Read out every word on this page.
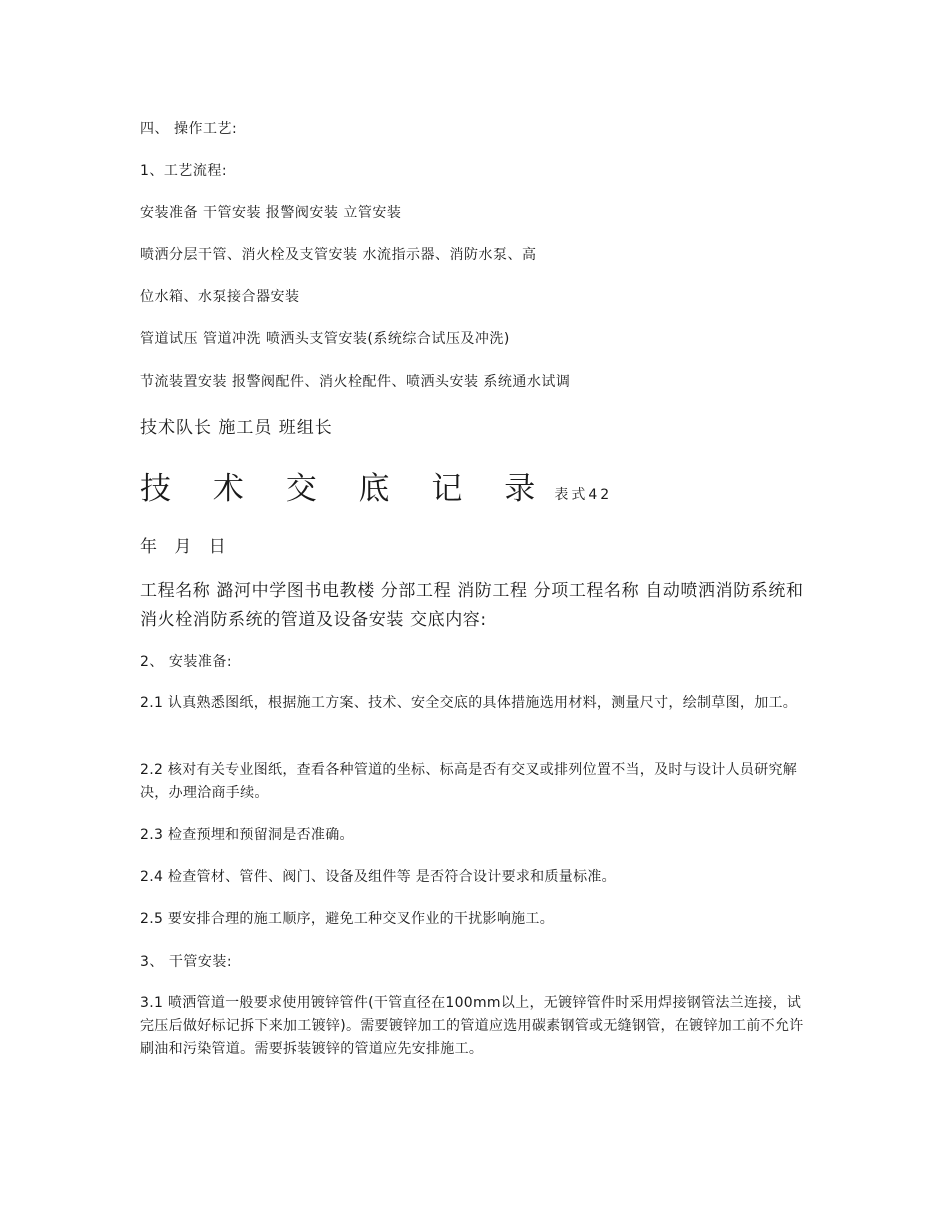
四、 操作工艺:

1、工艺流程:

安装准备 干管安装 报警阀安装 立管安装

喷洒分层干管、消火栓及支管安装 水流指示器、消防水泵、高

位水箱、水泵接合器安装

管道试压 管道冲洗 喷洒头支管安装(系统综合试压及冲洗)

节流装置安装 报警阀配件、消火栓配件、喷洒头安装 系统通水试调

技术队长 施工员 班组长

技 术 交 底 记 录 表式42

年 月 日

工程名称 潞河中学图书电教楼 分部工程 消防工程 分项工程名称 自动喷洒消防系统和消火栓消防系统的管道及设备安装 交底内容:

2、 安装准备:

2.1 认真熟悉图纸，根据施工方案、技术、安全交底的具体措施选用材料，测量尺寸，绘制草图，加工。

2.2 核对有关专业图纸，查看各种管道的坐标、标高是否有交叉或排列位置不当，及时与设计人员研究解决，办理洽商手续。

2.3 检查预埋和预留洞是否准确。

2.4 检查管材、管件、阀门、设备及组件等 是否符合设计要求和质量标准。

2.5 要安排合理的施工顺序，避免工种交叉作业的干扰影响施工。

3、 干管安装:

3.1 喷洒管道一般要求使用镀锌管件(干管直径在100mm以上，无镀锌管件时采用焊接钢管法兰连接，试完压后做好标记拆下来加工镀锌)。需要镀锌加工的管道应选用碳素钢管或无缝钢管，在镀锌加工前不允许刷油和污染管道。需要拆装镀锌的管道应先安排施工。
